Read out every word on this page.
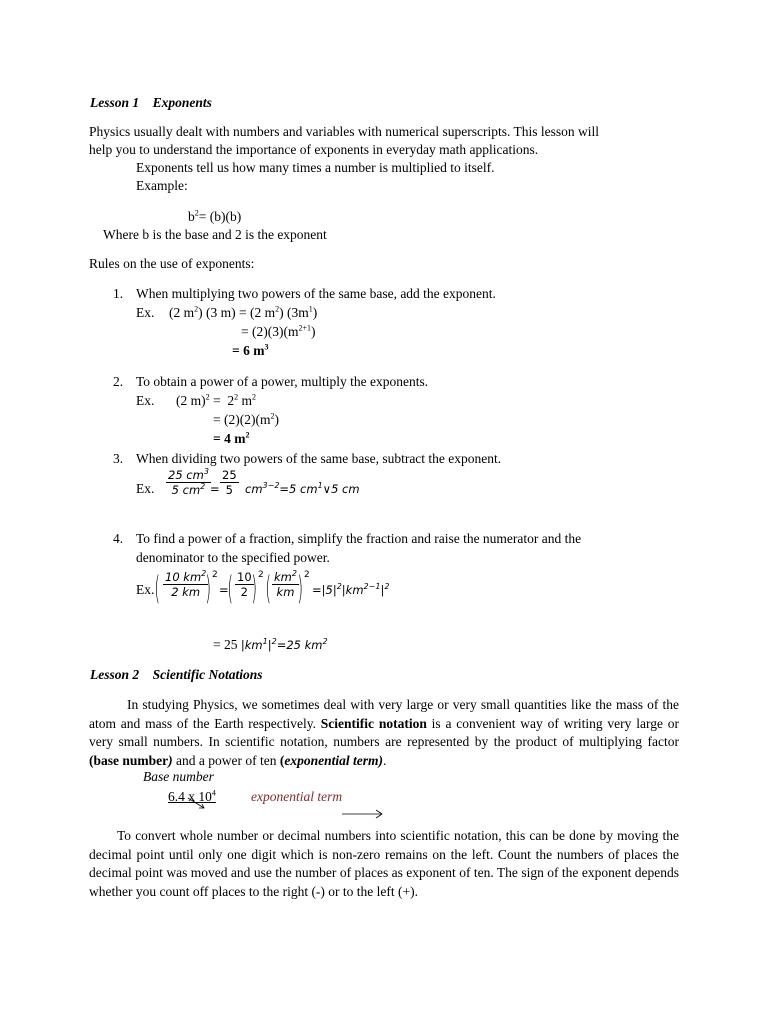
Lesson 1    Exponents
Physics usually dealt with numbers and variables with numerical superscripts. This lesson will
help you to understand the importance of exponents in everyday math applications.
Exponents tell us how many times a number is multiplied to itself.
Example:
$b^2= (b)(b)$
Where b is the base and 2 is the exponent
Rules on the use of exponents:
1. When multiplying two powers of the same base, add the exponent.
Ex. (2 $m^2$) (3 m) = (2 $m^2$) $(3m^1)$
= $(2)(3)(m^{2+1})$
= 6 $m^3$
2. To obtain a power of a power, multiply the exponents.
Ex. (2 $m)^2 = 2^2$ $m^2$
= $(2)(2)(m^2)$
= 4 $m^2$
3. When dividing two powers of the same base, subtract the exponent.
Ex. $\frac{25 cm^3}{5 cm^2} = \frac{25}{5} cm^{3-2}=5$ $cm^1\vee 5$ cm
4. To find a power of a fraction, simplify the fraction and raise the numerator and the
denominator to the specified power.
Ex. ( $\frac{10 km^2}{2 km}$
) 2
=
( $\frac{10}{2}$
) 2 ( $\frac{km^2}{km}$
) 2
$=|5|^2|km^{2-1}|^2$
= 25 $|km^1|^2=25$ $km^2$
Lesson 2    Scientific Notations
In studying Physics, we sometimes deal with very large or very small quantities like the mass of the atom and mass of the Earth respectively. Scientific notation is a convenient way of writing very large or very small numbers. In scientific notation, numbers are represented by the product of multiplying factor (base number) and a power of ten (exponential term).
Base number
6.4 x $10^4$	exponential term
To convert whole number or decimal numbers into scientific notation, this can be done by moving the decimal point until only one digit which is non-zero remains on the left. Count the numbers of places the decimal point was moved and use the number of places as exponent of ten. The sign of the exponent depends whether you count off places to the right (-) or to the left (+).
